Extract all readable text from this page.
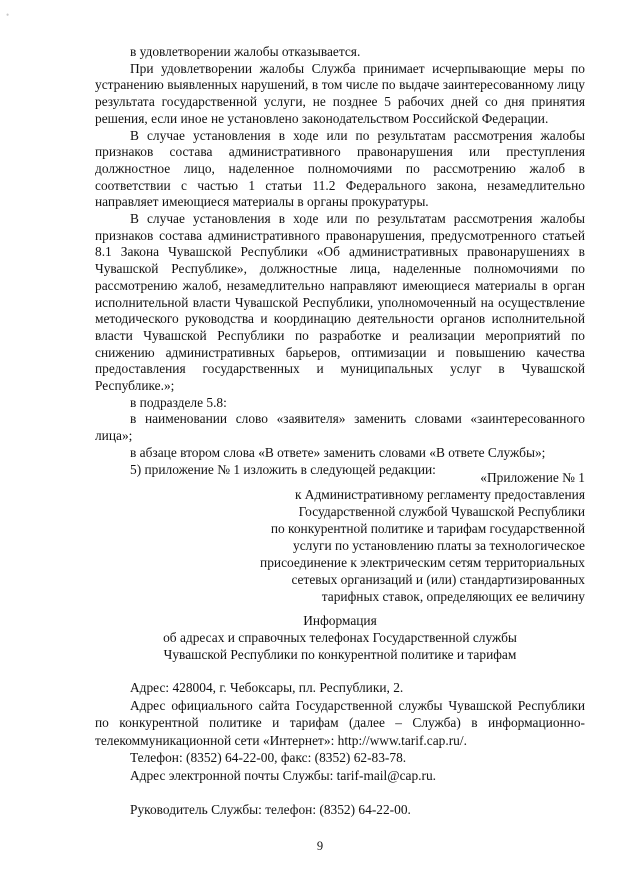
•

в удовлетворении жалобы отказывается.

При удовлетворении жалобы Служба принимает исчерпывающие меры по устранению выявленных нарушений, в том числе по выдаче заинтересованному лицу результата государственной услуги, не позднее 5 рабочих дней со дня принятия решения, если иное не установлено законодательством Российской Федерации.

В случае установления в ходе или по результатам рассмотрения жалобы признаков состава административного правонарушения или преступления должностное лицо, наделенное полномочиями по рассмотрению жалоб в соответствии с частью 1 статьи 11.2 Федерального закона, незамедлительно направляет имеющиеся материалы в органы прокуратуры.

В случае установления в ходе или по результатам рассмотрения жалобы признаков состава административного правонарушения, предусмотренного статьей 8.1 Закона Чувашской Республики «Об административных правонарушениях в Чувашской Республике», должностные лица, наделенные полномочиями по рассмотрению жалоб, незамедлительно направляют имеющиеся материалы в орган исполнительной власти Чувашской Республики, уполномоченный на осуществление методического руководства и координацию деятельности органов исполнительной власти Чувашской Республики по разработке и реализации мероприятий по снижению административных барьеров, оптимизации и повышению качества предоставления государственных и муниципальных услуг в Чувашской Республике.»;

в подразделе 5.8:

в наименовании слово «заявителя» заменить словами «заинтересованного лица»;

в абзаце втором слова «В ответе» заменить словами «В ответе Службы»;

5) приложение № 1 изложить в следующей редакции:

«Приложение № 1

к Административному регламенту предоставления

Государственной службой Чувашской Республики

по конкурентной политике и тарифам государственной

услуги по установлению платы за технологическое

присоединение к электрическим сетям территориальных

сетевых организаций и (или) стандартизированных

тарифных ставок, определяющих ее величину

Информация

об адресах и справочных телефонах Государственной службы

Чувашской Республики по конкурентной политике и тарифам

Адрес: 428004, г. Чебоксары, пл. Республики, 2.

Адрес официального сайта Государственной службы Чувашской Республики по конкурентной политике и тарифам (далее – Служба) в информационно-телекоммуникационной сети «Интернет»: http://www.tarif.cap.ru/.

Телефон: (8352) 64-22-00, факс: (8352) 62-83-78.

Адрес электронной почты Службы: tarif-mail@cap.ru.

Руководитель Службы: телефон: (8352) 64-22-00.

9
